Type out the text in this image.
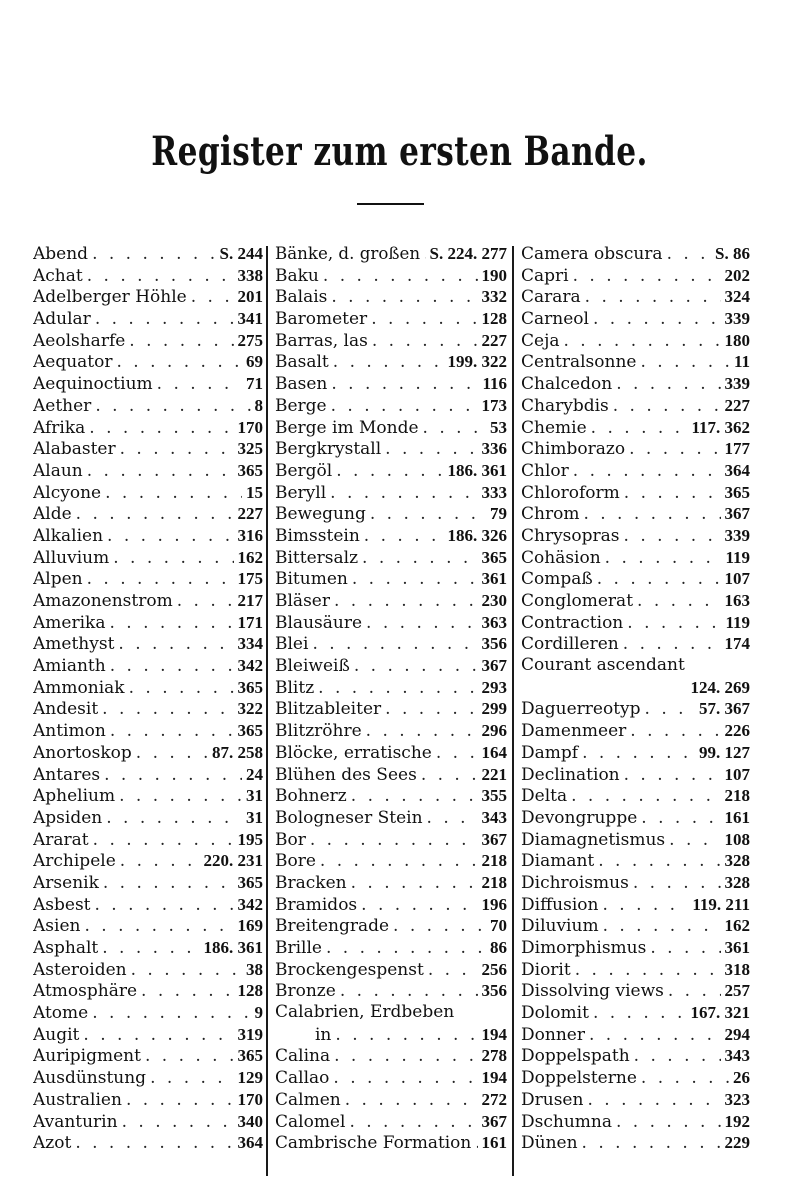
Register zum ersten Bande.
Abend . . .	S. 244
Achat . . .	338
Adelberger Höhle . . .	201
Adular . . .	341
Aeolsharfe . . .	275
Aequator . . .	69
Aequinoctium . . .	71
Aether . . .	8
Afrika . . .	170
Alabaster . . .	325
Alaun . . .	365
Alcyone . . .	15
Alde . . .	227
Alkalien . . .	316
Alluvium . . .	162
Alpen . . .	175
Amazonenstrom . . .	217
Amerika . . .	171
Amethyst . . .	334
Amianth . . .	342
Ammoniak . . .	365
Andesit . . .	322
Antimon . . .	365
Anortoskop . . .	87. 258
Antares . . .	24
Aphelium . . .	31
Apsiden . . .	31
Ararat . . .	195
Archipele . . .	220. 231
Arsenik . . .	365
Asbest . . .	342
Asien . . .	169
Asphalt . . .	186. 361
Asteroiden . . .	38
Atmosphäre . . .	128
Atome . . .	9
Augit . . .	319
Auripigment . . .	365
Ausdünstung . . .	129
Australien . . .	170
Avanturin . . .	340
Azot . . .	364
Bänke, d. großen . . . S. 224. 277
Baku . . .	190
Balais . . .	332
Barometer . . .	128
Barras, las . . .	227
Basalt . . .	199. 322
Basen . . .	116
Berge . . .	173
Berge im Monde . . .	53
Bergkrystall . . .	336
Bergöl . . .	186. 361
Beryll . . .	333
Bewegung . . .	79
Bimsstein . . .	186. 326
Bittersalz . . .	365
Bitumen . . .	361
Bläser . . .	230
Blausäure . . .	363
Blei . . .	356
Bleiweiß . . .	367
Blitz . . .	293
Blitzableiter . . .	299
Blitzröhre . . .	296
Blöcke, erratische . . .	164
Blühen des Sees . . .	221
Bohnerz . . .	355
Bologneser Stein . . .	343
Bor . . .	367
Bore . . .	218
Bracken . . .	218
Bramidos . . .	196
Breitengrade . . .	70
Brille . . .	86
Brockengespenst . . .	256
Bronze . . .	356
Calabrien, Erdbeben
in . . .	194
Calina . . .	278
Callao . . .	194
Calmen . . .	272
Calomel . . .	367
Cambrische Formation . . . 161
Camera obscura . . .	S. 86
Capri . . .	202
Carara . . .	324
Carneol . . .	339
Ceja . . .	180
Centralsonne . . .	11
Chalcedon . . .	339
Charybdis . . .	227
Chemie . . .	117. 362
Chimborazo . . .	177
Chlor . . .	364
Chloroform . . .	365
Chrom . . .	367
Chrysopras . . .	339
Cohäsion . . .	119
Compaß . . .	107
Conglomerat . . .	163
Contraction . . .	119
Cordilleren . . .	174
Courant ascendant
124. 269
Daguerreotyp . . .	57. 367
Damenmeer . . .	226
Dampf . . .	99. 127
Declination . . .	107
Delta . . .	218
Devongruppe . . .	161
Diamagnetismus . . .	108
Diamant . . .	328
Dichroismus . . .	328
Diffusion . . .	119. 211
Diluvium . . .	162
Dimorphismus . . .	361
Diorit . . .	318
Dissolving views . . .	257
Dolomit . . .	167. 321
Donner . . .	294
Doppelspath . . .	343
Doppelsterne . . .	26
Drusen . . .	323
Dschumna . . .	192
Dünen . . .	229
